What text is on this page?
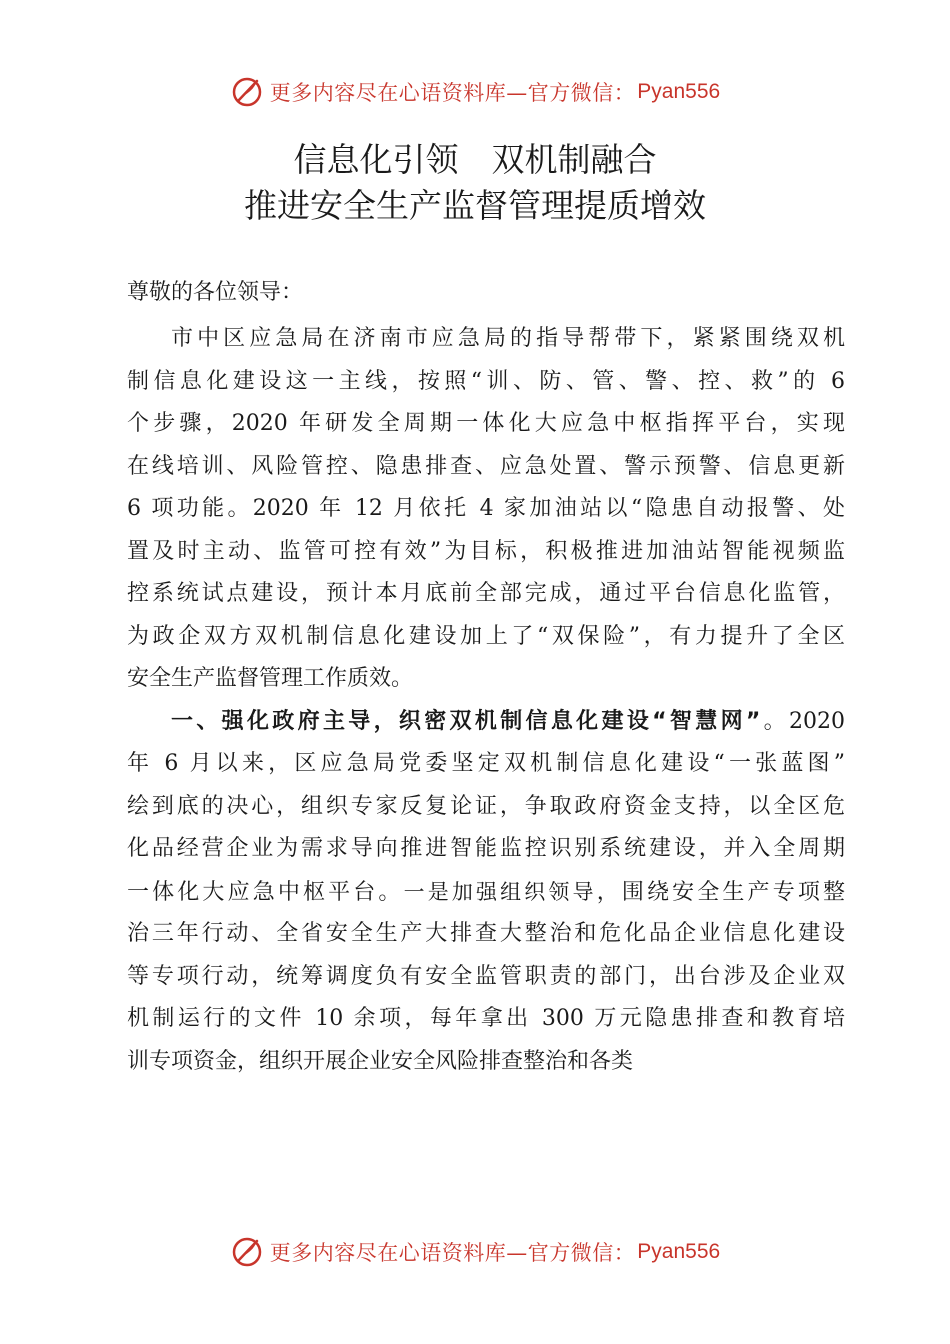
更多内容尽在心语资料库—官方微信： Pyan556
信息化引领　双机制融合
推进安全生产监督管理提质增效
尊敬的各位领导：
市中区应急局在济南市应急局的指导帮带下，紧紧围绕双机
制信息化建设这一主线，按照“训、防、管、警、控、救”的 6
个步骤，2020 年研发全周期一体化大应急中枢指挥平台，实现
在线培训、风险管控、隐患排查、应急处置、警示预警、信息更新
6 项功能。2020 年 12 月依托 4 家加油站以“隐患自动报警、处
置及时主动、监管可控有效”为目标，积极推进加油站智能视频监
控系统试点建设，预计本月底前全部完成，通过平台信息化监管，
为政企双方双机制信息化建设加上了“双保险”，有力提升了全区
安全生产监督管理工作质效。
一、强化政府主导，织密双机制信息化建设“智慧网”。2020
年 6 月以来，区应急局党委坚定双机制信息化建设“一张蓝图”
绘到底的决心，组织专家反复论证，争取政府资金支持，以全区危
化品经营企业为需求导向推进智能监控识别系统建设，并入全周期
一体化大应急中枢平台。一是加强组织领导，围绕安全生产专项整
治三年行动、全省安全生产大排查大整治和危化品企业信息化建设
等专项行动，统筹调度负有安全监管职责的部门，出台涉及企业双
机制运行的文件 10 余项，每年拿出 300 万元隐患排查和教育培
训专项资金，组织开展企业安全风险排查整治和各类
更多内容尽在心语资料库—官方微信： Pyan556
